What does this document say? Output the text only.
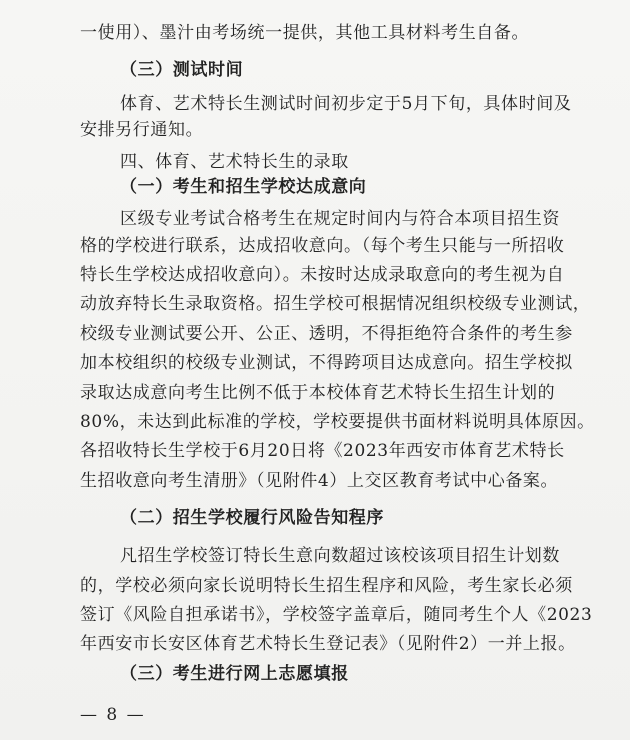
一使用）、墨汁由考场统一提供，其他工具材料考生自备。
（三）测试时间
体育、艺术特长生测试时间初步定于5月下旬，具体时间及
安排另行通知。
四、体育、艺术特长生的录取
（一）考生和招生学校达成意向
区级专业考试合格考生在规定时间内与符合本项目招生资
格的学校进行联系，达成招收意向。（每个考生只能与一所招收
特长生学校达成招收意向）。未按时达成录取意向的考生视为自
动放弃特长生录取资格。招生学校可根据情况组织校级专业测试，
校级专业测试要公开、公正、透明，不得拒绝符合条件的考生参
加本校组织的校级专业测试，不得跨项目达成意向。招生学校拟
录取达成意向考生比例不低于本校体育艺术特长生招生计划的
80%，未达到此标准的学校，学校要提供书面材料说明具体原因。
各招收特长生学校于6月20日将《2023年西安市体育艺术特长
生招收意向考生清册》（见附件4）上交区教育考试中心备案。
（二）招生学校履行风险告知程序
凡招生学校签订特长生意向数超过该校该项目招生计划数
的，学校必须向家长说明特长生招生程序和风险，考生家长必须
签订《风险自担承诺书》，学校签字盖章后，随同考生个人《2023
年西安市长安区体育艺术特长生登记表》（见附件2）一并上报。
（三）考生进行网上志愿填报
— 8 —
